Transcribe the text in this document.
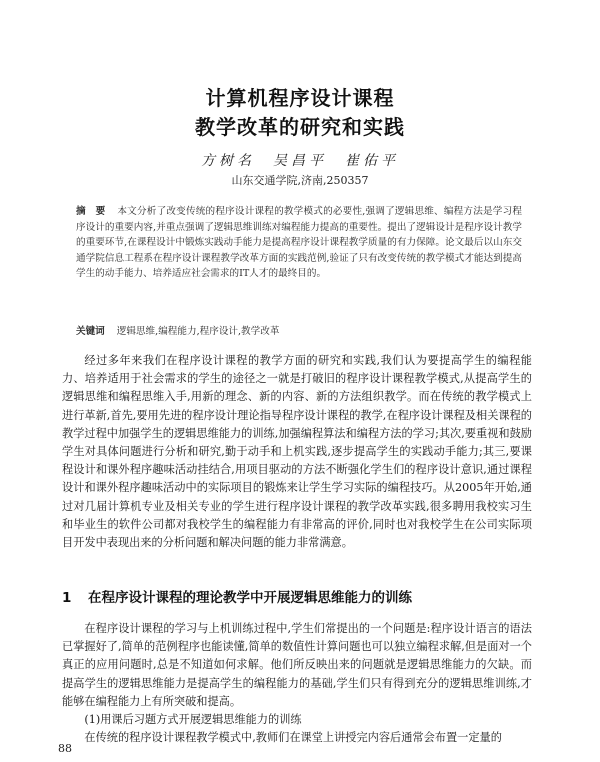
计算机程序设计课程
教学改革的研究和实践
方树名　吴昌平　崔佑平
山东交通学院,济南,250357
摘　要 本文分析了改变传统的程序设计课程的教学模式的必要性,强调了逻辑思维、编程方法是学习程序设计的重要内容,并重点强调了逻辑思维训练对编程能力提高的重要性。提出了逻辑设计是程序设计教学的重要环节,在课程设计中锻炼实践动手能力是提高程序设计课程教学质量的有力保障。论文最后以山东交通学院信息工程系在程序设计课程教学改革方面的实践范例,验证了只有改变传统的教学模式才能达到提高学生的动手能力、培养适应社会需求的IT人才的最终目的。
关键词 逻辑思维,编程能力,程序设计,教学改革

经过多年来我们在程序设计课程的教学方面的研究和实践,我们认为要提高学生的编程能力、培养适用于社会需求的学生的途径之一就是打破旧的程序设计课程教学模式,从提高学生的逻辑思维和编程思维入手,用新的理念、新的内容、新的方法组织教学。而在传统的教学模式上进行革新,首先,要用先进的程序设计理论指导程序设计课程的教学,在程序设计课程及相关课程的教学过程中加强学生的逻辑思维能力的训练,加强编程算法和编程方法的学习;其次,要重视和鼓励学生对具体问题进行分析和研究,勤于动手和上机实践,逐步提高学生的实践动手能力;其三,要课程设计和课外程序趣味活动挂结合,用项目驱动的方法不断强化学生们的程序设计意识,通过课程设计和课外程序趣味活动中的实际项目的锻炼来让学生学习实际的编程技巧。从2005年开始,通过对几届计算机专业及相关专业的学生进行程序设计课程的教学改革实践,很多聘用我校实习生和毕业生的软件公司都对我校学生的编程能力有非常高的评价,同时也对我校学生在公司实际项目开发中表现出来的分析问题和解决问题的能力非常满意。

1 在程序设计课程的理论教学中开展逻辑思维能力的训练

在程序设计课程的学习与上机训练过程中,学生们常提出的一个问题是:程序设计语言的语法已掌握好了,简单的范例程序也能读懂,简单的数值性计算问题也可以独立编程求解,但是面对一个真正的应用问题时,总是不知道如何求解。他们所反映出来的问题就是逻辑思维能力的欠缺。而提高学生的逻辑思维能力是提高学生的编程能力的基础,学生们只有得到充分的逻辑思维训练,才能够在编程能力上有所突破和提高。

(1)用课后习题方式开展逻辑思维能力的训练

在传统的程序设计课程教学模式中,教师们在课堂上讲授完内容后通常会布置一定量的

88
